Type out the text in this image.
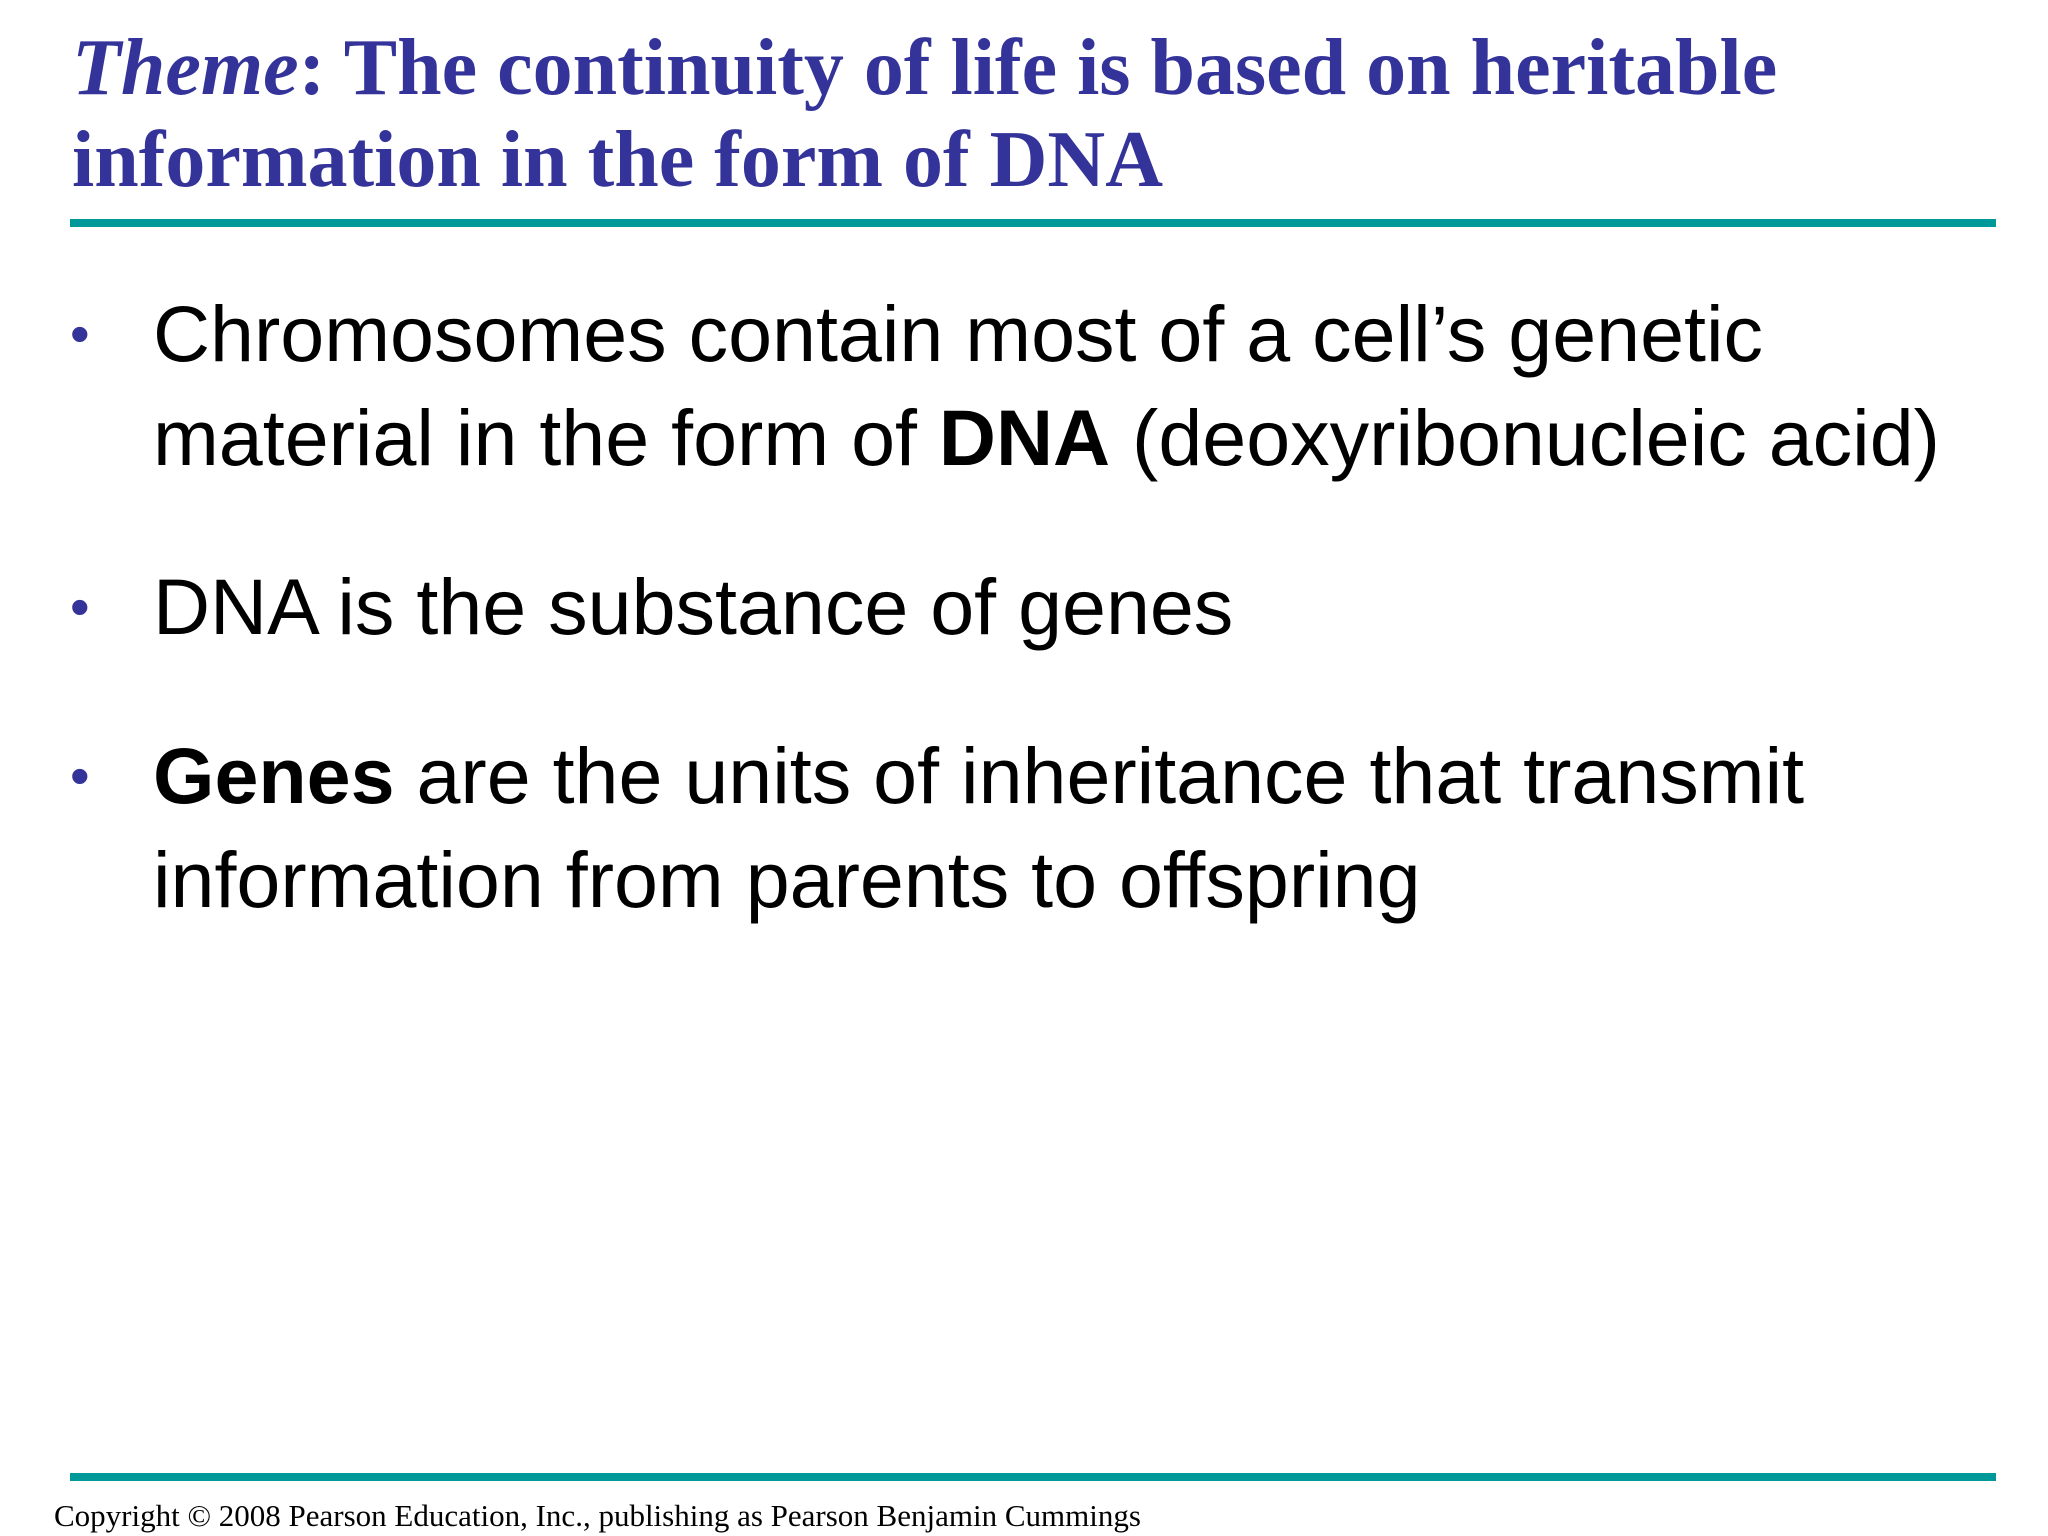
Theme: The continuity of life is based on heritable information in the form of DNA
• Chromosomes contain most of a cell’s genetic material in the form of DNA (deoxyribonucleic acid)
• DNA is the substance of genes
• Genes are the units of inheritance that transmit information from parents to offspring

Copyright © 2008 Pearson Education, Inc., publishing as Pearson Benjamin Cummings
